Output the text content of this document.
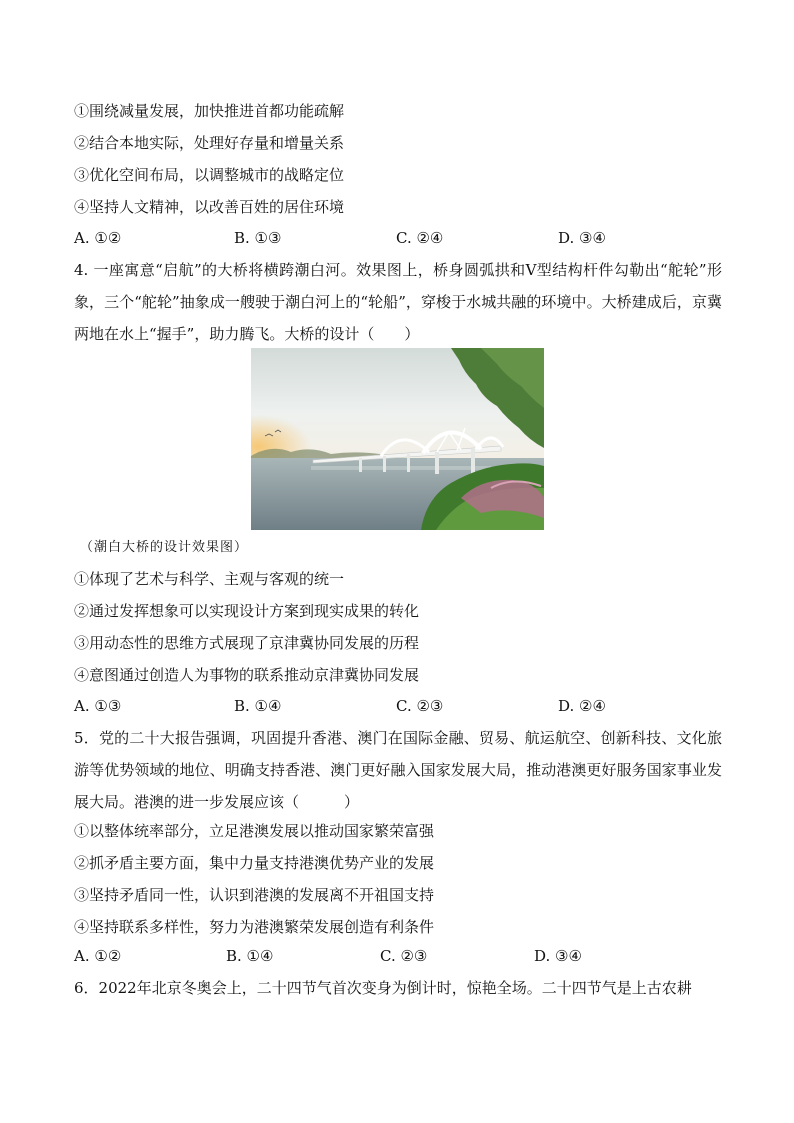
①围绕减量发展，加快推进首都功能疏解
②结合本地实际，处理好存量和增量关系
③优化空间布局，以调整城市的战略定位
④坚持人文精神，以改善百姓的居住环境
A. ①②	B. ①③	C. ②④	D. ③④
4. 一座寓意“启航”的大桥将横跨潮白河。效果图上，桥身圆弧拱和V型结构杆件勾勒出“舵轮”形象，三个“舵轮”抽象成一艘驶于潮白河上的“轮船”，穿梭于水城共融的环境中。大桥建成后，京冀两地在水上“握手”，助力腾飞。大桥的设计（　　）
（潮白大桥的设计效果图）
①体现了艺术与科学、主观与客观的统一
②通过发挥想象可以实现设计方案到现实成果的转化
③用动态性的思维方式展现了京津冀协同发展的历程
④意图通过创造人为事物的联系推动京津冀协同发展
A. ①③	B. ①④	C. ②③	D. ②④
5．党的二十大报告强调，巩固提升香港、澳门在国际金融、贸易、航运航空、创新科技、文化旅游等优势领域的地位、明确支持香港、澳门更好融入国家发展大局，推动港澳更好服务国家事业发展大局。港澳的进一步发展应该（　　　）
①以整体统率部分，立足港澳发展以推动国家繁荣富强
②抓矛盾主要方面，集中力量支持港澳优势产业的发展
③坚持矛盾同一性，认识到港澳的发展离不开祖国支持
④坚持联系多样性，努力为港澳繁荣发展创造有利条件
A. ①②	B. ①④	C. ②③	D. ③④
6．2022年北京冬奥会上，二十四节气首次变身为倒计时，惊艳全场。二十四节气是上古农耕
